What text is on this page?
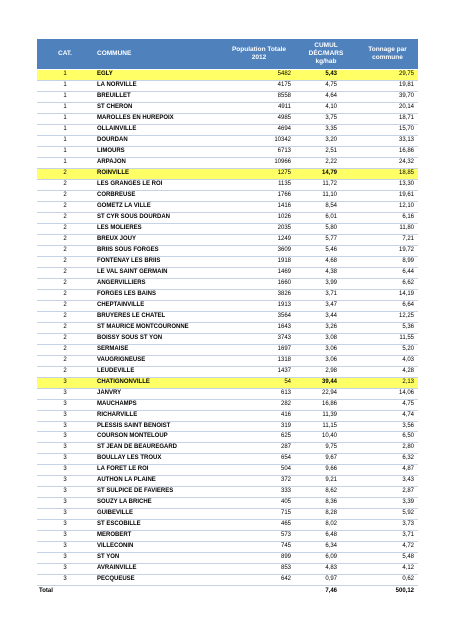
CAT.	COMMUNE	Population Totale 2012	CUMUL DÉC/MARS kg/hab	Tonnage par commune
1	EGLY	5482	5,43	29,75
1	LA NORVILLE	4175	4,75	19,81
1	BREUILLET	8558	4,64	39,70
1	ST CHERON	4911	4,10	20,14
1	MAROLLES EN HUREPOIX	4985	3,75	18,71
1	OLLAINVILLE	4694	3,35	15,70
1	DOURDAN	10342	3,20	33,13
1	LIMOURS	6713	2,51	16,86
1	ARPAJON	10966	2,22	24,32
2	ROINVILLE	1275	14,79	18,85
2	LES GRANGES LE ROI	1135	11,72	13,30
2	CORBREUSE	1766	11,10	19,61
2	GOMETZ LA VILLE	1416	8,54	12,10
2	ST CYR SOUS DOURDAN	1026	6,01	6,16
2	LES MOLIERES	2035	5,80	11,80
2	BREUX JOUY	1249	5,77	7,21
2	BRIIS SOUS FORGES	3609	5,46	19,72
2	FONTENAY LES BRIIS	1918	4,68	8,99
2	LE VAL SAINT GERMAIN	1469	4,38	6,44
2	ANGERVILLIERS	1660	3,99	6,62
2	FORGES LES BAINS	3826	3,71	14,19
2	CHEPTAINVILLE	1913	3,47	6,64
2	BRUYERES LE CHATEL	3564	3,44	12,25
2	ST MAURICE MONTCOURONNE	1643	3,26	5,36
2	BOISSY SOUS ST YON	3743	3,08	11,55
2	SERMAISE	1697	3,06	5,20
2	VAUGRIGNEUSE	1318	3,06	4,03
2	LEUDEVILLE	1437	2,98	4,28
3	CHATIGNONVILLE	54	39,44	2,13
3	JANVRY	613	22,94	14,06
3	MAUCHAMPS	282	16,86	4,75
3	RICHARVILLE	416	11,39	4,74
3	PLESSIS SAINT BENOIST	319	11,15	3,56
3	COURSON MONTELOUP	625	10,40	6,50
3	ST JEAN DE BEAUREGARD	287	9,75	2,80
3	BOULLAY LES TROUX	654	9,67	6,32
3	LA FORET LE ROI	504	9,66	4,87
3	AUTHON LA PLAINE	372	9,21	3,43
3	ST SULPICE DE FAVIERES	333	8,62	2,87
3	SOUZY LA BRICHE	405	8,36	3,39
3	GUIBEVILLE	715	8,28	5,92
3	ST ESCOBILLE	465	8,02	3,73
3	MEROBERT	573	6,48	3,71
3	VILLECONIN	745	6,34	4,72
3	ST YON	899	6,09	5,48
3	AVRAINVILLE	853	4,83	4,12
3	PECQUEUSE	642	0,97	0,62
Total			7,46	500,12
